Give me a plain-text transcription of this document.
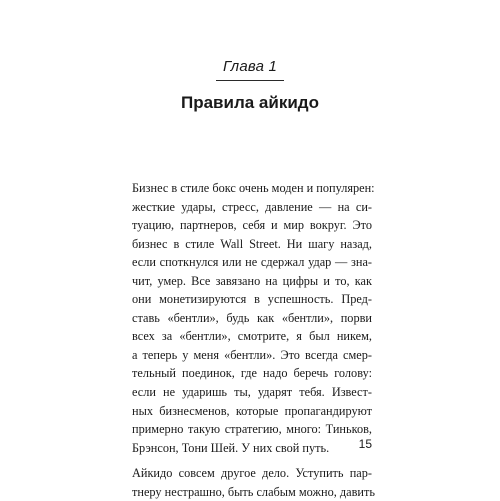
Глава 1
Правила айкидо
Бизнес в стиле бокс очень моден и популярен:
жесткие удары, стресс, давление — на си-
туацию, партнеров, себя и мир вокруг. Это
бизнес в стиле Wall Street. Ни шагу назад,
если споткнулся или не сдержал удар — зна-
чит, умер. Все завязано на цифры и то, как
они монетизируются в успешность. Пред-
ставь «бентли», будь как «бентли», порви
всех за «бентли», смотрите, я был никем,
а теперь у меня «бентли». Это всегда смер-
тельный поединок, где надо беречь голову:
если не ударишь ты, ударят тебя. Извест-
ных бизнесменов, которые пропагандируют
примерно такую стратегию, много: Тиньков,
Брэнсон, Тони Шей. У них свой путь.
Айкидо совсем другое дело. Уступить пар-
тнеру нестрашно, быть слабым можно, давить
15
